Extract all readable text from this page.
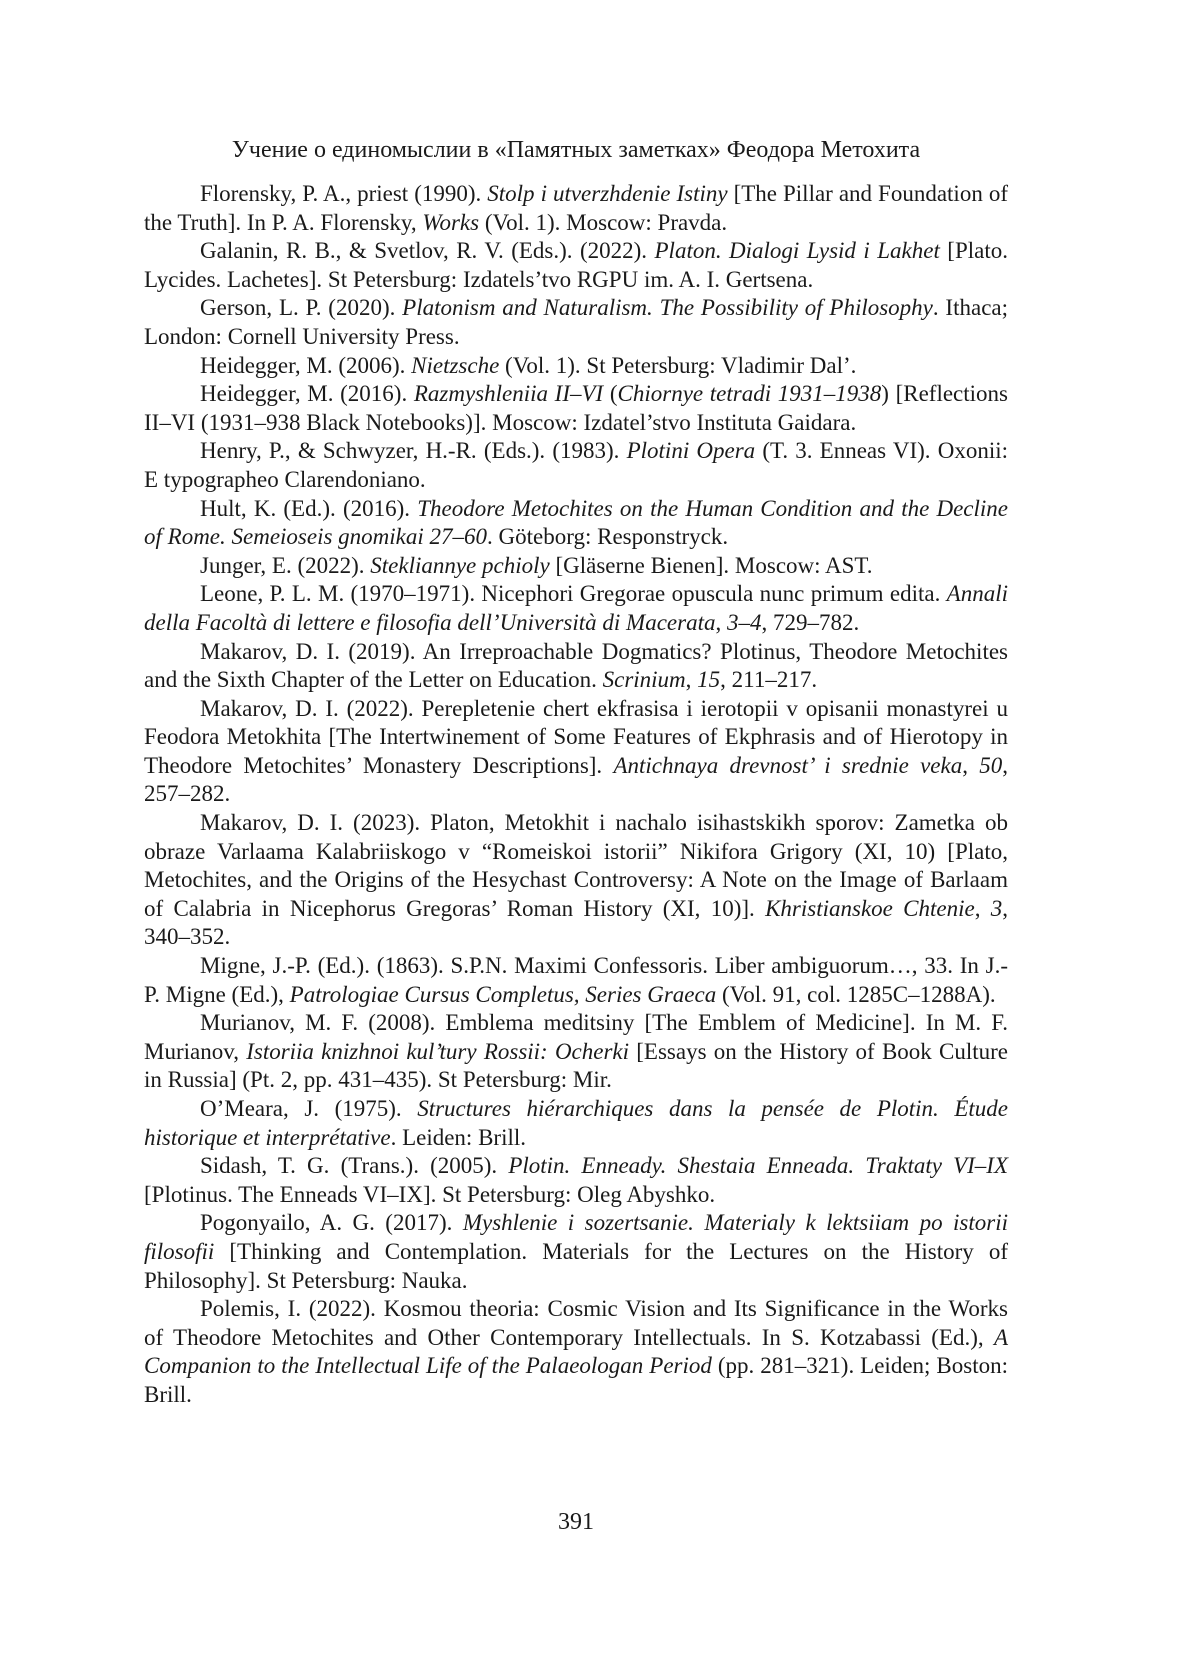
Учение о единомыслии в «Памятных заметках» Феодора Метохита

Florensky, P. A., priest (1990). Stolp i utverzhdenie Istiny [The Pillar and Foundation of the Truth]. In P. A. Florensky, Works (Vol. 1). Moscow: Pravda.

Galanin, R. B., & Svetlov, R. V. (Eds.). (2022). Platon. Dialogi Lysid i Lakhet [Plato. Lycides. Lachetes]. St Petersburg: Izdatels’tvo RGPU im. A. I. Gertsena.

Gerson, L. P. (2020). Platonism and Naturalism. The Possibility of Philosophy. Ithaca; London: Cornell University Press.

Heidegger, M. (2006). Nietzsche (Vol. 1). St Petersburg: Vladimir Dal’.

Heidegger, M. (2016). Razmyshleniia II–VI (Chiornye tetradi 1931–1938) [Reflections II–VI (1931–938 Black Notebooks)]. Moscow: Izdatel’stvo Instituta Gaidara.

Henry, P., & Schwyzer, H.-R. (Eds.). (1983). Plotini Opera (T. 3. Enneas VI). Oxonii: E typographeo Clarendoniano.

Hult, K. (Ed.). (2016). Theodore Metochites on the Human Condition and the Decline of Rome. Semeioseis gnomikai 27–60. Göteborg: Responstryck.

Junger, E. (2022). Stekliannye pchioly [Gläserne Bienen]. Moscow: AST.

Leone, P. L. M. (1970–1971). Nicephori Gregorae opuscula nunc primum edita. Annali della Facoltà di lettere e filosofia dell’Università di Macerata, 3–4, 729–782.

Makarov, D. I. (2019). An Irreproachable Dogmatics? Plotinus, Theodore Metochites and the Sixth Chapter of the Letter on Education. Scrinium, 15, 211–217.

Makarov, D. I. (2022). Perepletenie chert ekfrasisa i ierotopii v opisanii monastyrei u Feodora Metokhita [The Intertwinement of Some Features of Ekphrasis and of Hierotopy in Theodore Metochites’ Monastery Descriptions]. Antichnaya drevnost’ i srednie veka, 50, 257–282.

Makarov, D. I. (2023). Platon, Metokhit i nachalo isihastskikh sporov: Zametka ob obraze Varlaama Kalabriiskogo v “Romeiskoi istorii” Nikifora Grigory (XI, 10) [Plato, Metochites, and the Origins of the Hesychast Controversy: A Note on the Image of Barlaam of Calabria in Nicephorus Gregoras’ Roman History (XI, 10)]. Khristianskoe Chtenie, 3, 340–352.

Migne, J.-P. (Ed.). (1863). S.P.N. Maximi Confessoris. Liber ambiguorum…, 33. In J.-P. Migne (Ed.), Patrologiae Cursus Completus, Series Graeca (Vol. 91, col. 1285C–1288A).

Murianov, M. F. (2008). Emblema meditsiny [The Emblem of Medicine]. In M. F. Murianov, Istoriia knizhnoi kul’tury Rossii: Ocherki [Essays on the History of Book Culture in Russia] (Pt. 2, pp. 431–435). St Petersburg: Mir.

O’Meara, J. (1975). Structures hiérarchiques dans la pensée de Plotin. Étude historique et interprétative. Leiden: Brill.

Sidash, T. G. (Trans.). (2005). Plotin. Enneady. Shestaia Enneada. Traktaty VI–IX [Plotinus. The Enneads VI–IX]. St Petersburg: Oleg Abyshko.

Pogonyailo, A. G. (2017). Myshlenie i sozertsanie. Materialy k lektsiiam po istorii filosofii [Thinking and Contemplation. Materials for the Lectures on the History of Philosophy]. St Petersburg: Nauka.

Polemis, I. (2022). Kosmou theoria: Cosmic Vision and Its Significance in the Works of Theodore Metochites and Other Contemporary Intellectuals. In S. Kotzabassi (Ed.), A Companion to the Intellectual Life of the Palaeologan Period (pp. 281–321). Leiden; Boston: Brill.

391
